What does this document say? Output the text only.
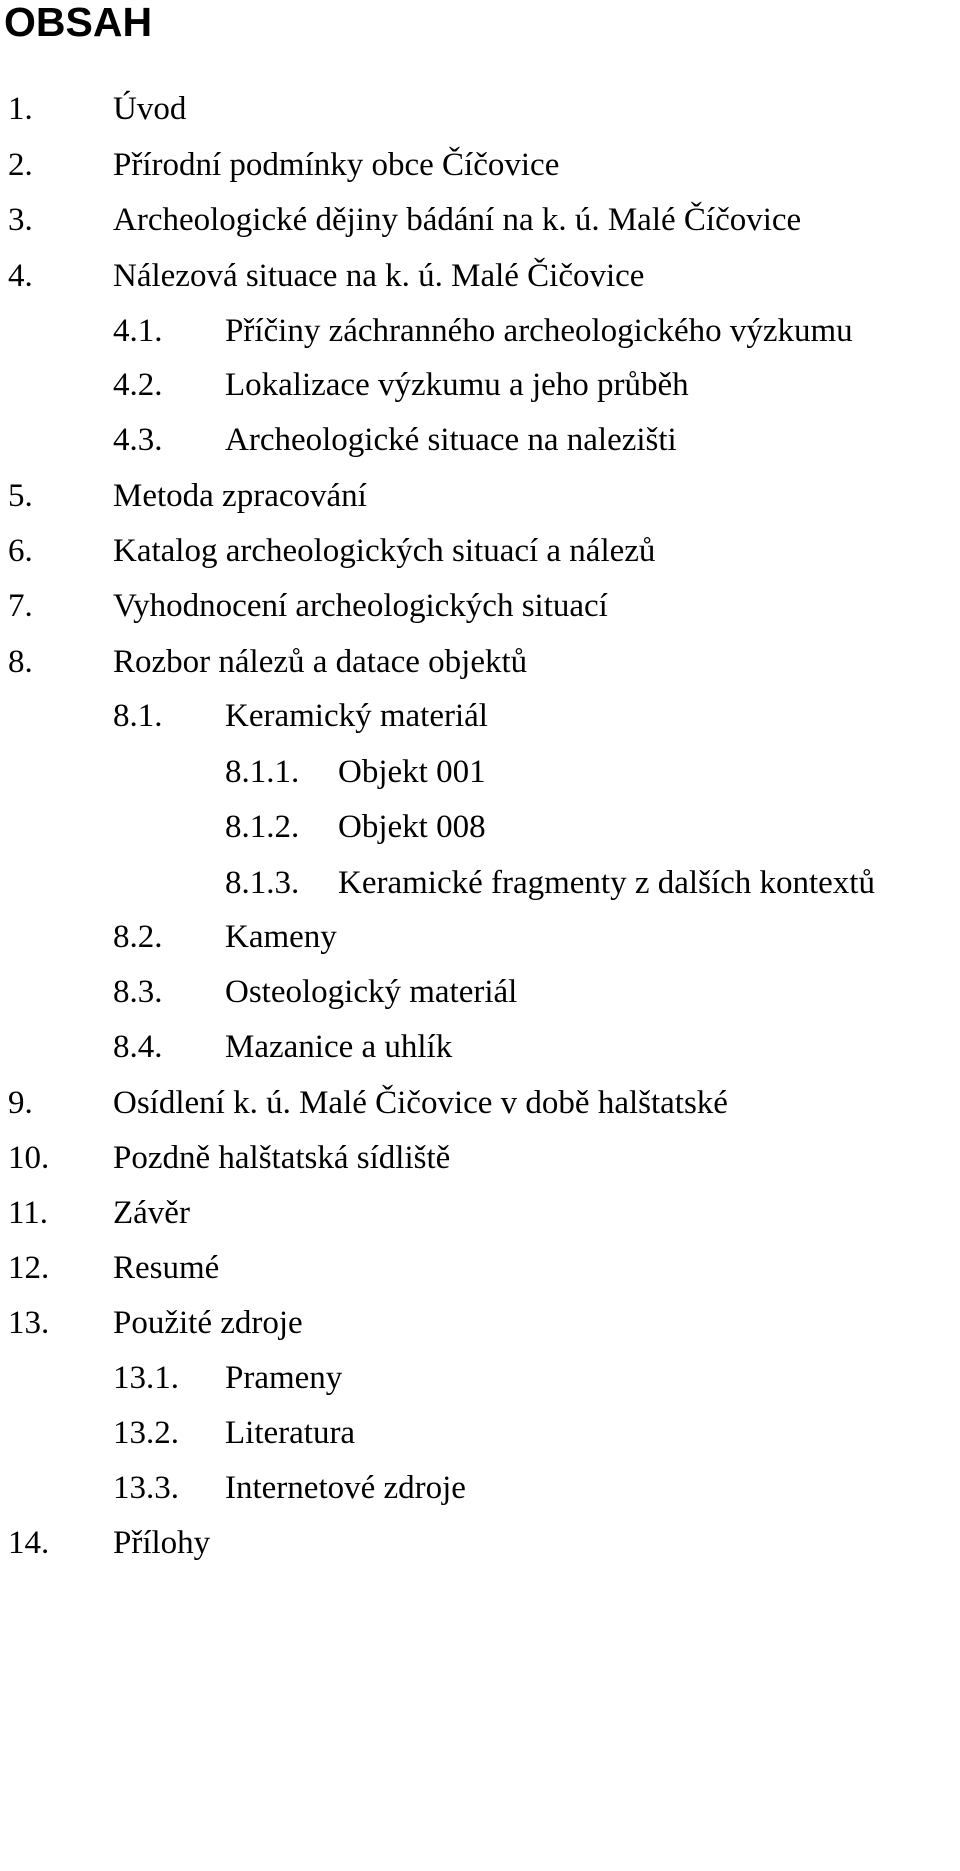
OBSAH
1. Úvod
2. Přírodní podmínky obce Číčovice
3. Archeologické dějiny bádání na k. ú. Malé Číčovice
4. Nálezová situace na k. ú. Malé Čičovice
4.1. Příčiny záchranného archeologického výzkumu
4.2. Lokalizace výzkumu a jeho průběh
4.3. Archeologické situace na nalezišti
5. Metoda zpracování
6. Katalog archeologických situací a nálezů
7. Vyhodnocení archeologických situací
8. Rozbor nálezů a datace objektů
8.1. Keramický materiál
8.1.1. Objekt 001
8.1.2. Objekt 008
8.1.3. Keramické fragmenty z dalších kontextů
8.2. Kameny
8.3. Osteologický materiál
8.4. Mazanice a uhlík
9. Osídlení k. ú. Malé Čičovice v době halštatské
10. Pozdně halštatská sídliště
11. Závěr
12. Resumé
13. Použité zdroje
13.1. Prameny
13.2. Literatura
13.3. Internetové zdroje
14. Přílohy
